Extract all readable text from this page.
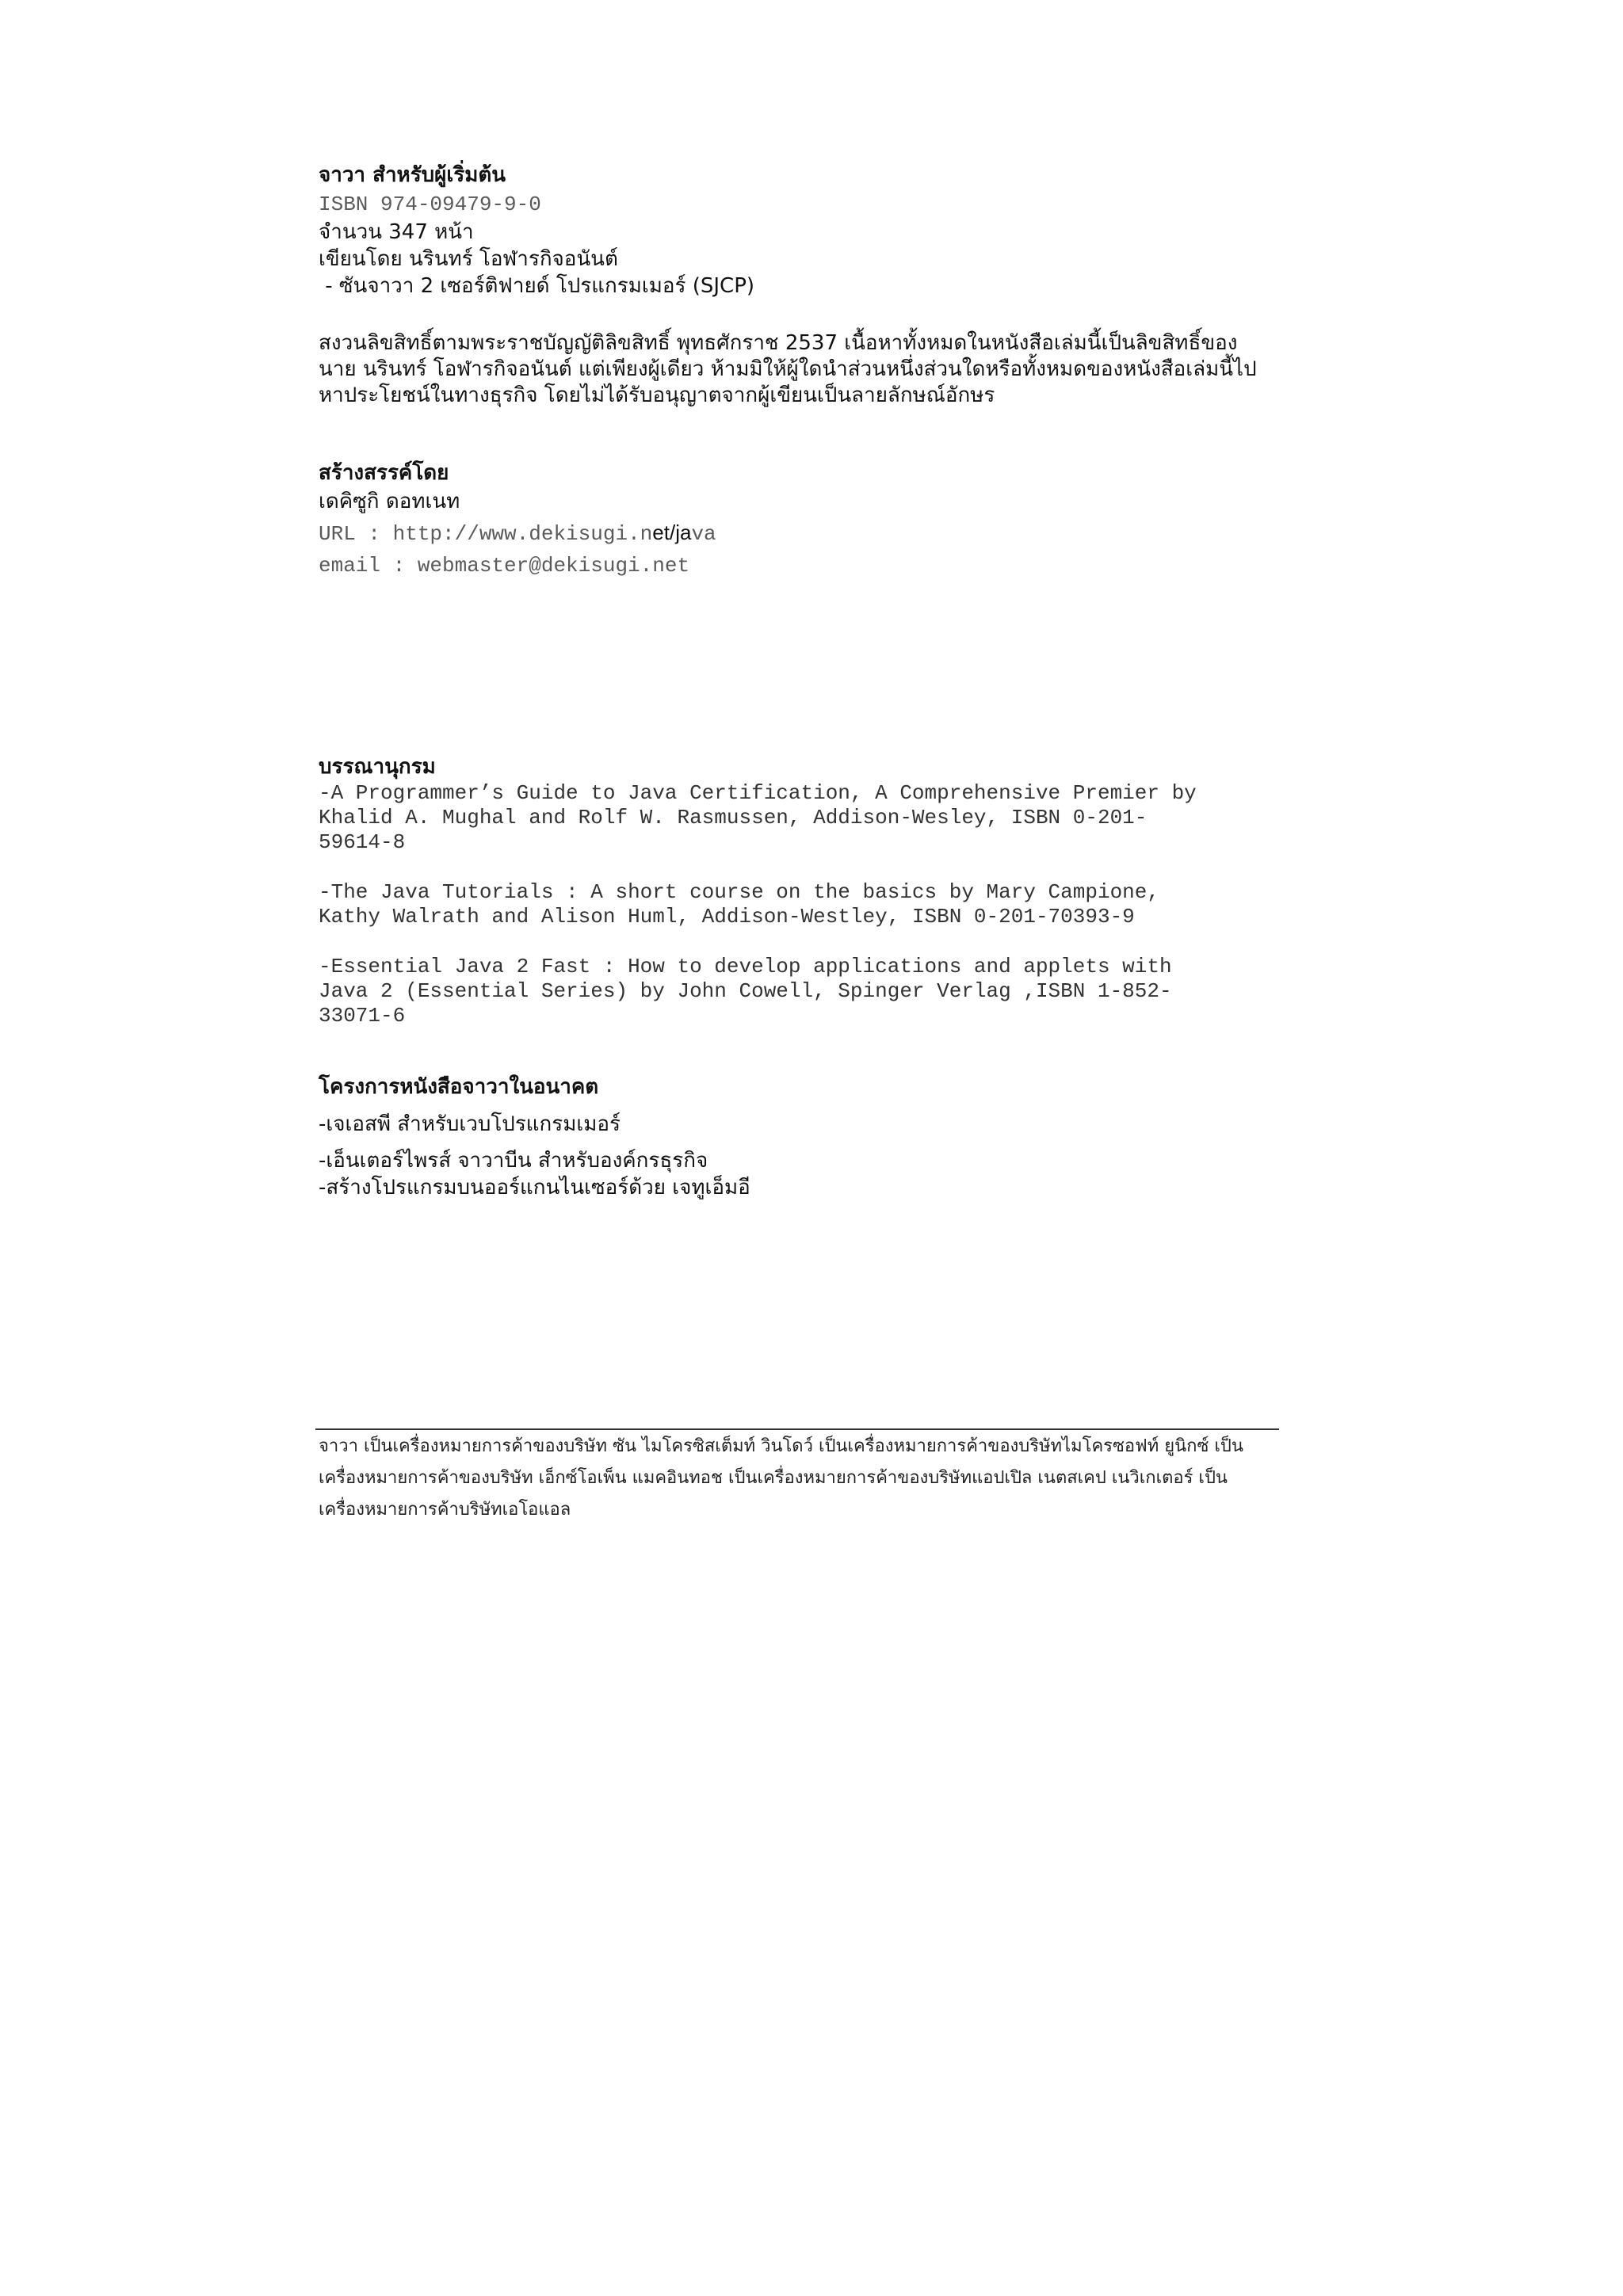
จาวา สำหรับผู้เริ่มต้น

ISBN 974-09479-9-0

จำนวน 347 หน้า

เขียนโดย นรินทร์ โอฬารกิจอนันต์

- ซันจาวา 2 เซอร์ติฟายด์ โปรแกรมเมอร์ (SJCP)

สงวนลิขสิทธิ์ตามพระราชบัญญัติลิขสิทธิ์ พุทธศักราช 2537 เนื้อหาทั้งหมดในหนังสือเล่มนี้เป็นลิขสิทธิ์ของ

นาย นรินทร์ โอฬารกิจอนันต์ แต่เพียงผู้เดียว ห้ามมิให้ผู้ใดนำส่วนหนึ่งส่วนใดหรือทั้งหมดของหนังสือเล่มนี้ไป

หาประโยชน์ในทางธุรกิจ โดยไม่ได้รับอนุญาตจากผู้เขียนเป็นลายลักษณ์อักษร

สร้างสรรค์โดย

เดคิซูกิ ดอทเนท

URL : http://www.dekisugi.net/java

email : webmaster@dekisugi.net

บรรณานุกรม

-A Programmer’s Guide to Java Certification, A Comprehensive Premier by

Khalid A. Mughal and Rolf W. Rasmussen, Addison-Wesley, ISBN 0-201-

59614-8

-The Java Tutorials : A short course on the basics by Mary Campione,

Kathy Walrath and Alison Huml, Addison-Westley, ISBN 0-201-70393-9

-Essential Java 2 Fast : How to develop applications and applets with

Java 2 (Essential Series) by John Cowell, Spinger Verlag ,ISBN 1-852-

33071-6

โครงการหนังสือจาวาในอนาคต

-เจเอสพี สำหรับเวบโปรแกรมเมอร์

-เอ็นเตอร์ไพรส์ จาวาบีน สำหรับองค์กรธุรกิจ

-สร้างโปรแกรมบนออร์แกนไนเซอร์ด้วย เจทูเอ็มอี

จาวา เป็นเครื่องหมายการค้าของบริษัท ซัน ไมโครซิสเต็มท์ วินโดว์ เป็นเครื่องหมายการค้าของบริษัทไมโครซอฟท์ ยูนิกซ์ เป็น

เครื่องหมายการค้าของบริษัท เอ็กซ์โอเพ็น แมคอินทอช เป็นเครื่องหมายการค้าของบริษัทแอปเปิล เนตสเคป เนวิเกเตอร์ เป็น

เครื่องหมายการค้าบริษัทเอโอแอล
